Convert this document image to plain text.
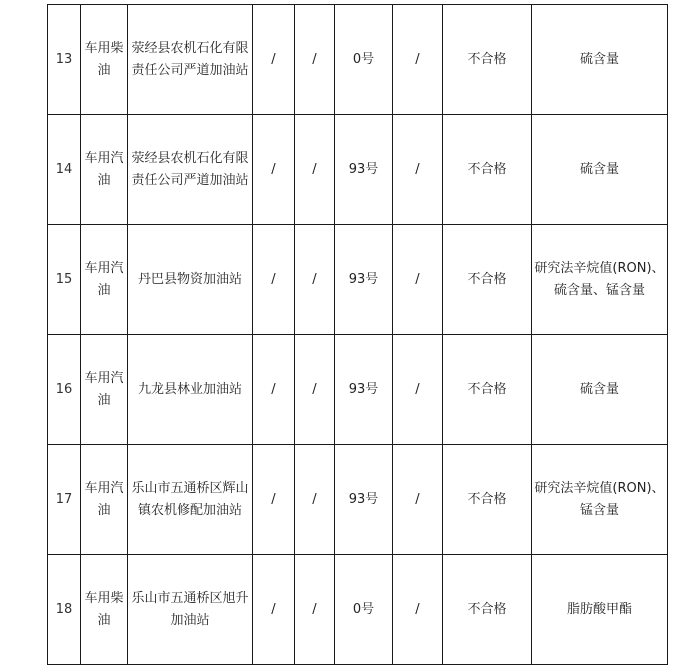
13	车用柴油	荥经县农机石化有限责任公司严道加油站	/	/	0号	/	不合格	硫含量
14	车用汽油	荥经县农机石化有限责任公司严道加油站	/	/	93号	/	不合格	硫含量
15	车用汽油	丹巴县物资加油站	/	/	93号	/	不合格	研究法辛烷值(RON)、硫含量、锰含量
16	车用汽油	九龙县林业加油站	/	/	93号	/	不合格	硫含量
17	车用汽油	乐山市五通桥区辉山镇农机修配加油站	/	/	93号	/	不合格	研究法辛烷值(RON)、锰含量
18	车用柴油	乐山市五通桥区旭升加油站	/	/	0号	/	不合格	脂肪酸甲酯
